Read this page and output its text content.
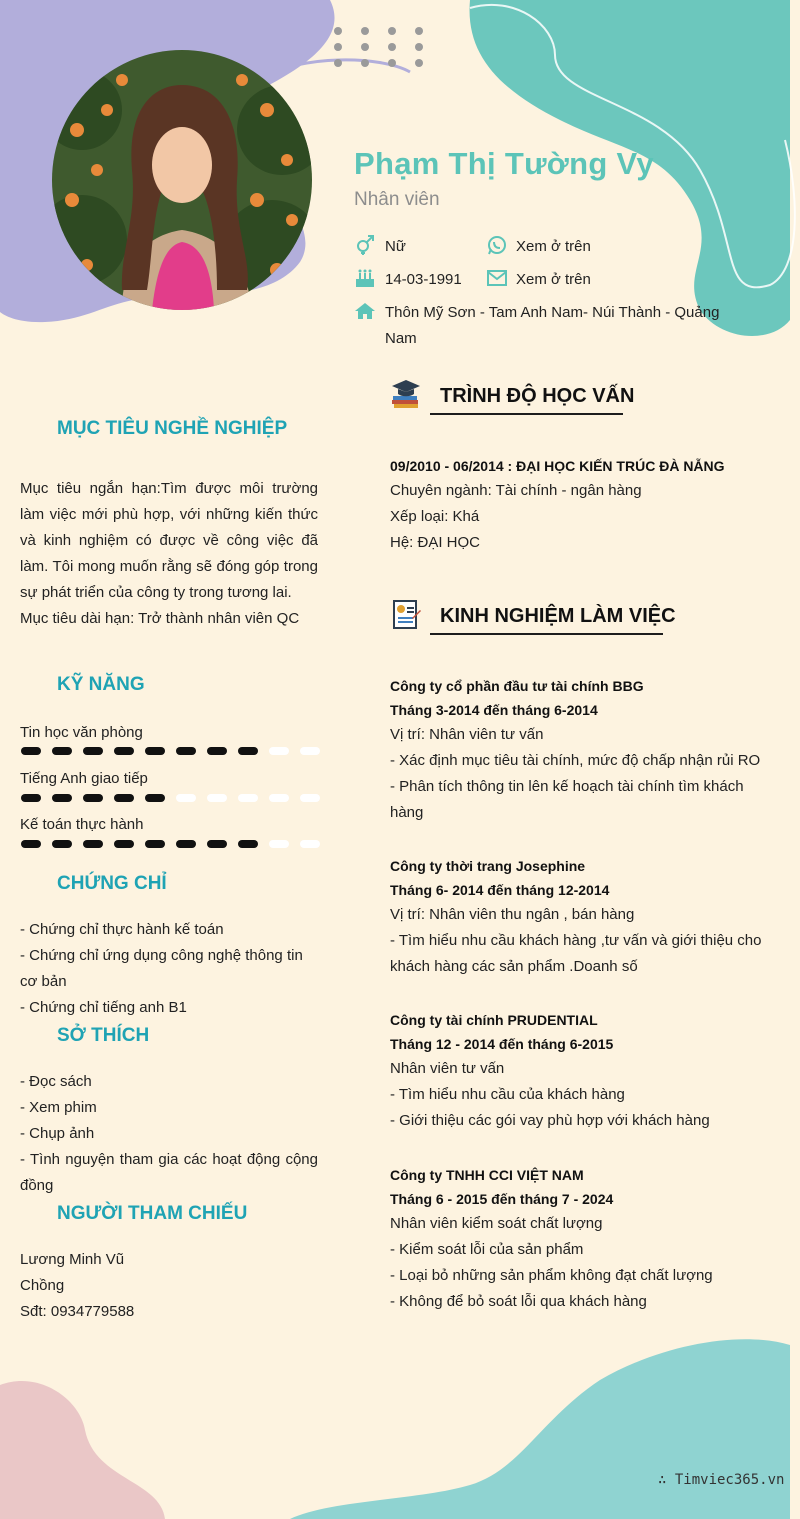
Phạm Thị Tường Vy
Nhân viên
Nữ	Xem ở trên
14-03-1991	Xem ở trên
Thôn Mỹ Sơn - Tam Anh Nam- Núi Thành - Quảng Nam
MỤC TIÊU NGHỀ NGHIỆP
Mục tiêu ngắn hạn:Tìm được môi trường làm việc mới phù hợp, với những kiến thức và kinh nghiệm có được về công việc đã làm. Tôi mong muốn rằng sẽ đóng góp trong sự phát triển của công ty trong tương lai.
Mục tiêu dài hạn: Trở thành nhân viên QC
KỸ NĂNG
Tin học văn phòng
Tiếng Anh giao tiếp
Kế toán thực hành
CHỨNG CHỈ
- Chứng chỉ thực hành kế toán
- Chứng chỉ ứng dụng công nghệ thông tin cơ bản
- Chứng chỉ tiếng anh B1
SỞ THÍCH
- Đọc sách
- Xem phim
- Chụp ảnh
- Tình nguyện tham gia các hoạt động cộng đồng
NGƯỜI THAM CHIẾU
Lương Minh Vũ
Chồng
Sđt: 0934779588
TRÌNH ĐỘ HỌC VẤN
09/2010 - 06/2014 : ĐẠI HỌC KIẾN TRÚC ĐÀ NẴNG
Chuyên ngành: Tài chính - ngân hàng
Xếp loại: Khá
Hệ: ĐẠI HỌC
KINH NGHIỆM LÀM VIỆC
Công ty cổ phần đầu tư tài chính BBG
Tháng 3-2014 đến tháng 6-2014
Vị trí: Nhân viên tư vấn
- Xác định mục tiêu tài chính, mức độ chấp nhận rủi RO
- Phân tích thông tin lên kế hoạch tài chính tìm khách hàng
Công ty thời trang Josephine
Tháng 6- 2014 đến tháng 12-2014
Vị trí: Nhân viên thu ngân , bán hàng
- Tìm hiểu nhu cầu khách hàng ,tư vấn và giới thiệu cho khách hàng các sản phẩm .Doanh số
Công ty tài chính PRUDENTIAL
Tháng 12 - 2014 đến tháng 6-2015
Nhân viên tư vấn
- Tìm hiểu nhu cầu của khách hàng
- Giới thiệu các gói vay phù hợp với khách hàng
Công ty TNHH CCI VIỆT NAM
Tháng 6 - 2015 đến tháng 7 - 2024
Nhân viên kiểm soát chất lượng
- Kiểm soát lỗi của sản phẩm
- Loại bỏ những sản phẩm không đạt chất lượng
- Không để bỏ soát lỗi qua khách hàng
∴ Timviec365.vn
